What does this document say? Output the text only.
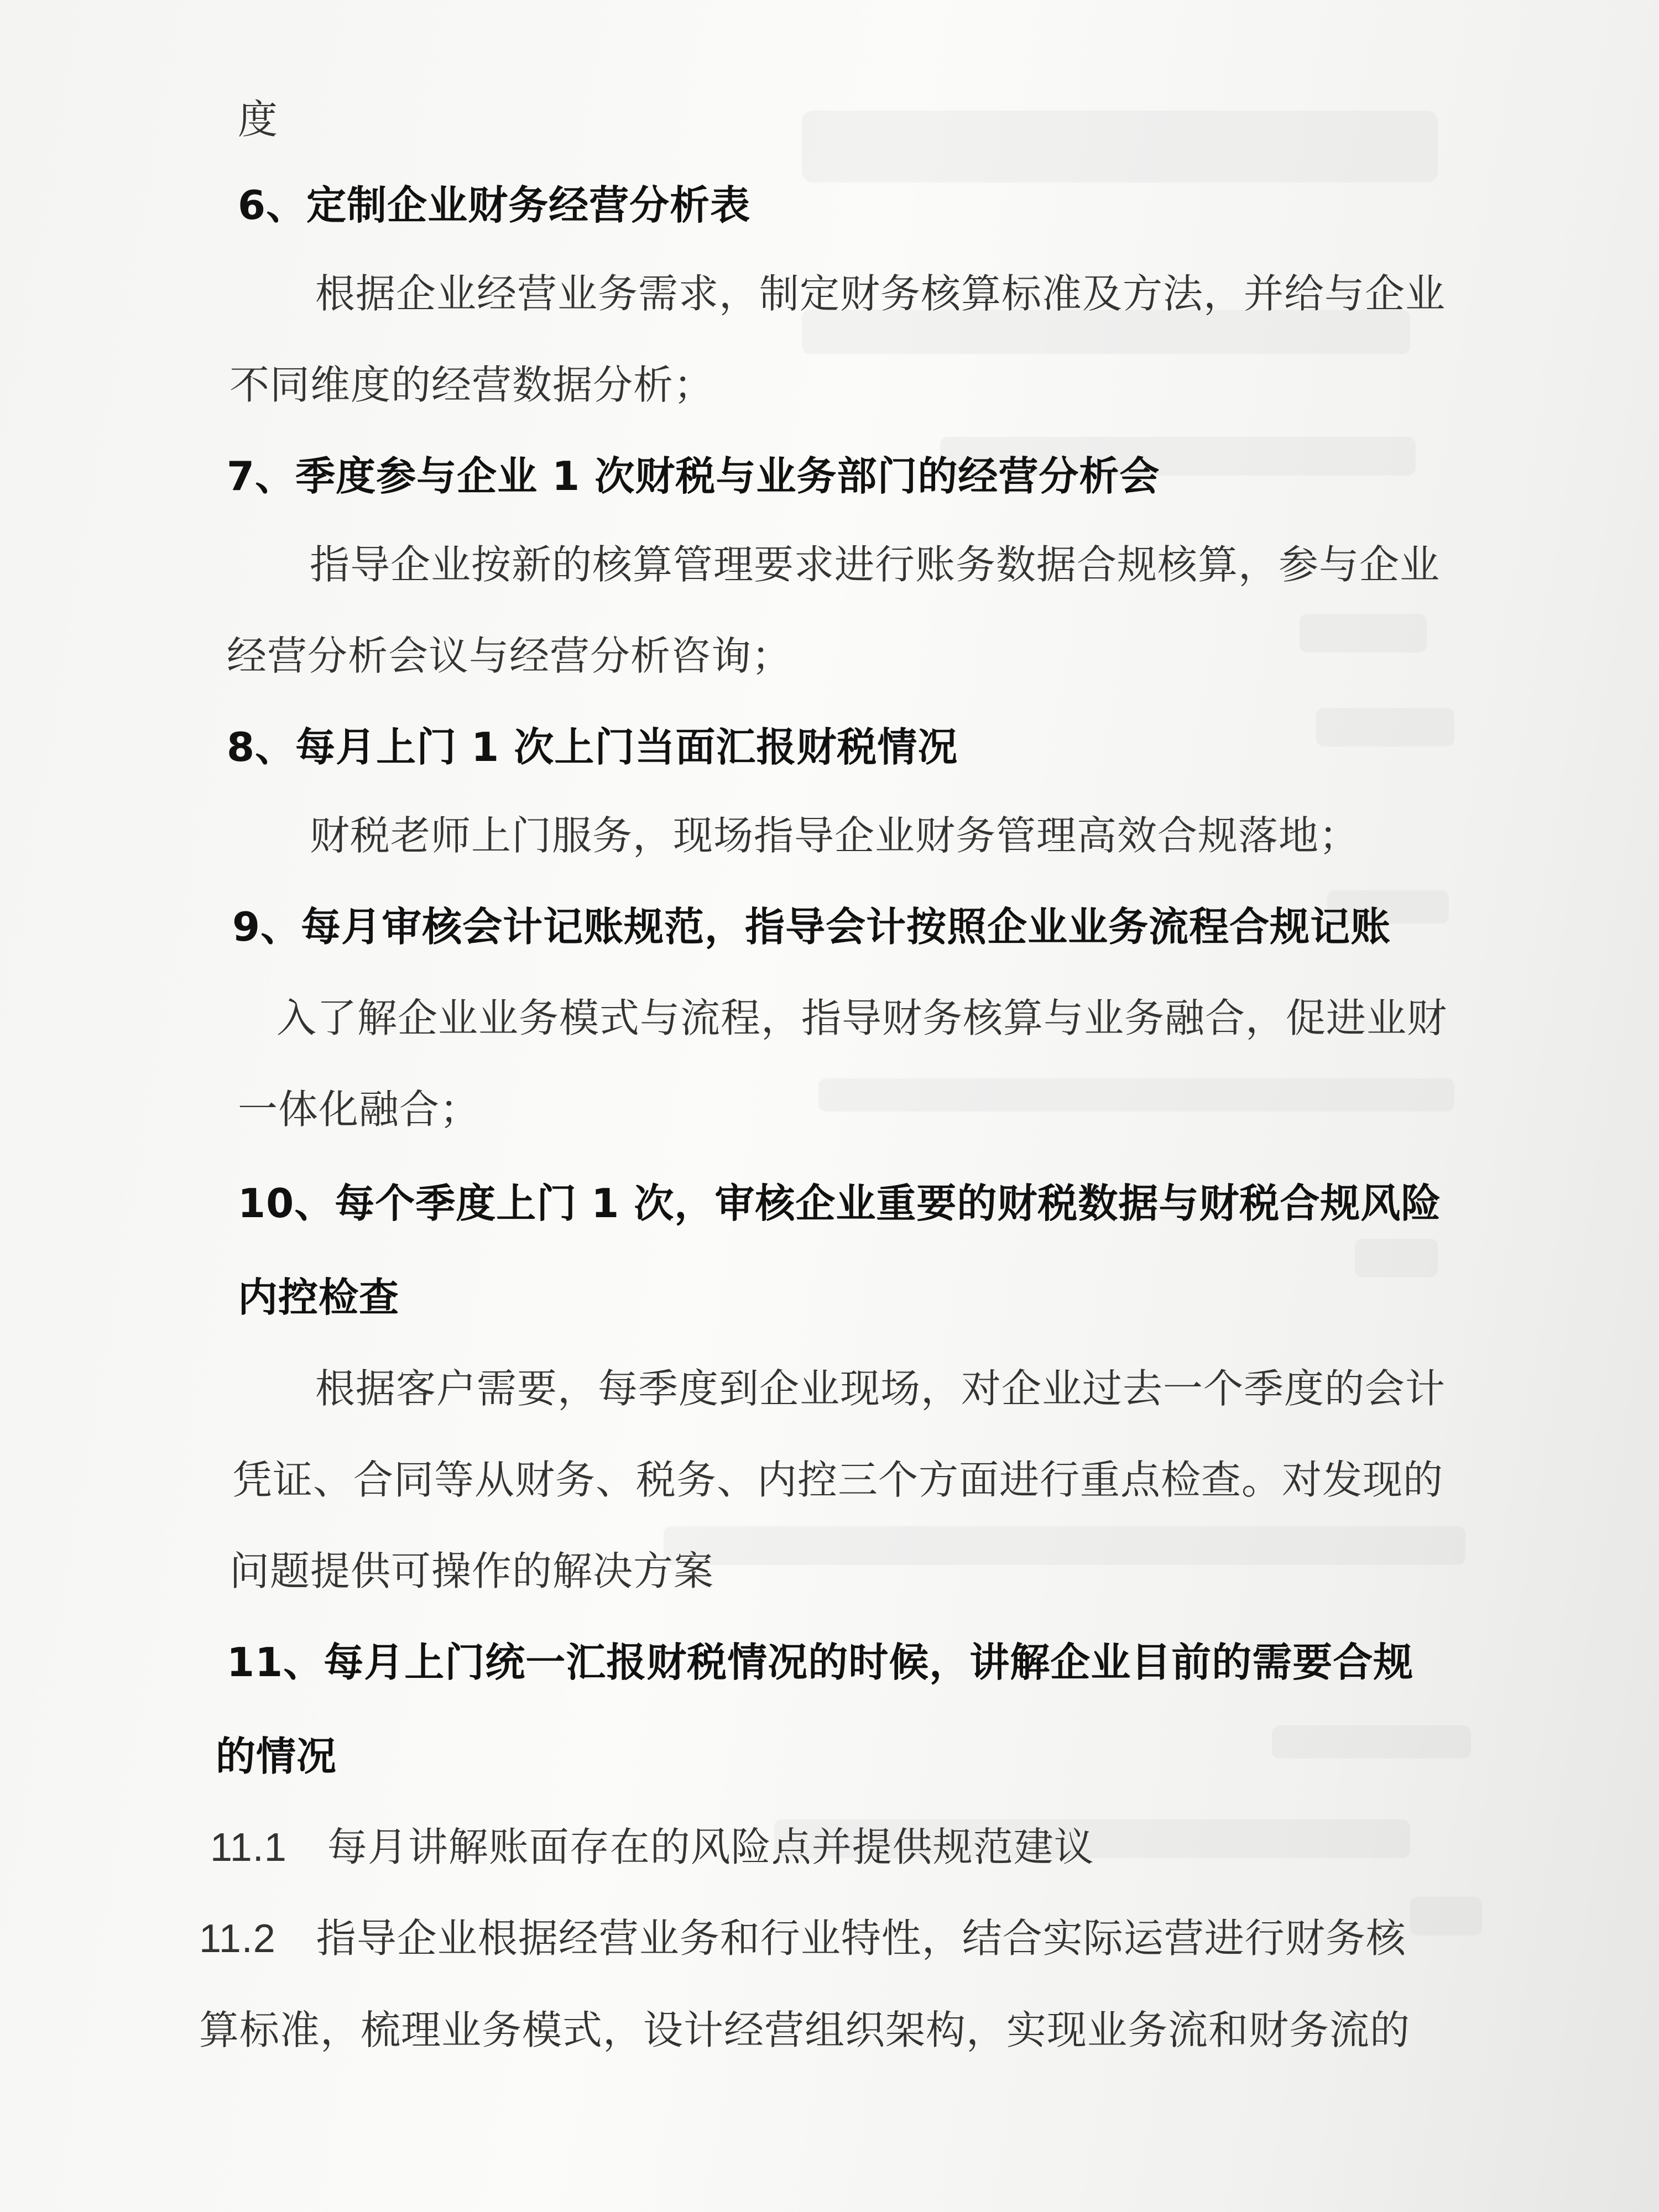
度
6、定制企业财务经营分析表
根据企业经营业务需求，制定财务核算标准及方法，并给与企业
不同维度的经营数据分析；
7、季度参与企业 1 次财税与业务部门的经营分析会
指导企业按新的核算管理要求进行账务数据合规核算，参与企业
经营分析会议与经营分析咨询；
8、每月上门 1 次上门当面汇报财税情况
财税老师上门服务，现场指导企业财务管理高效合规落地；
9、每月审核会计记账规范，指导会计按照企业业务流程合规记账
入了解企业业务模式与流程，指导财务核算与业务融合，促进业财
一体化融合；
10、每个季度上门 1 次，审核企业重要的财税数据与财税合规风险
内控检查
根据客户需要，每季度到企业现场，对企业过去一个季度的会计
凭证、合同等从财务、税务、内控三个方面进行重点检查。对发现的
问题提供可操作的解决方案
11、每月上门统一汇报财税情况的时候，讲解企业目前的需要合规
的情况
11.1　每月讲解账面存在的风险点并提供规范建议
11.2　指导企业根据经营业务和行业特性，结合实际运营进行财务核
算标准，梳理业务模式，设计经营组织架构，实现业务流和财务流的
